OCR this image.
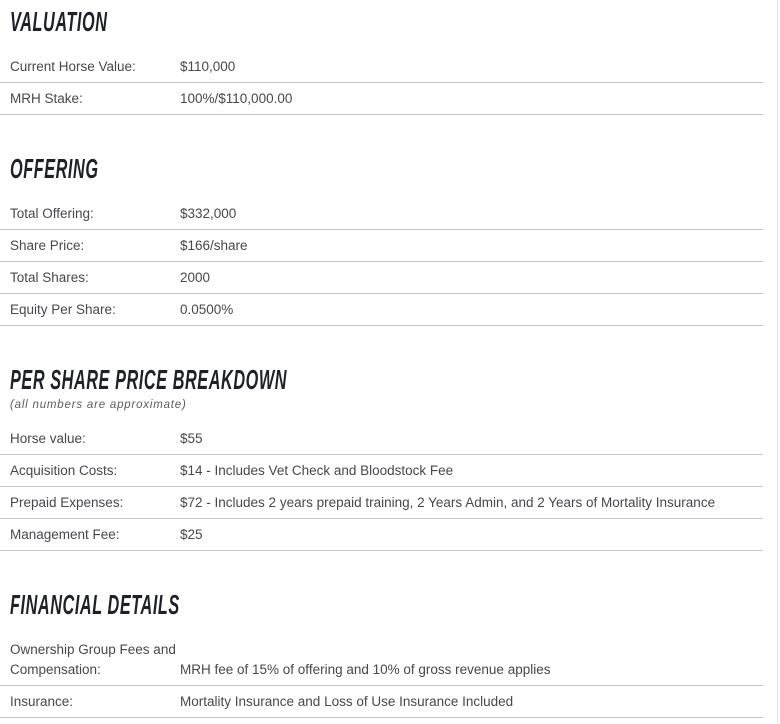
VALUATION
Current Horse Value:	$110,000
MRH Stake:	100%/$110,000.00
OFFERING
Total Offering:	$332,000
Share Price:	$166/share
Total Shares:	2000
Equity Per Share:	0.0500%
PER SHARE PRICE BREAKDOWN
(all numbers are approximate)
Horse value:	$55
Acquisition Costs:	$14 - Includes Vet Check and Bloodstock Fee
Prepaid Expenses:	$72 - Includes 2 years prepaid training, 2 Years Admin, and 2 Years of Mortality Insurance
Management Fee:	$25
FINANCIAL DETAILS
Ownership Group Fees and Compensation:	MRH fee of 15% of offering and 10% of gross revenue applies
Insurance:	Mortality Insurance and Loss of Use Insurance Included
